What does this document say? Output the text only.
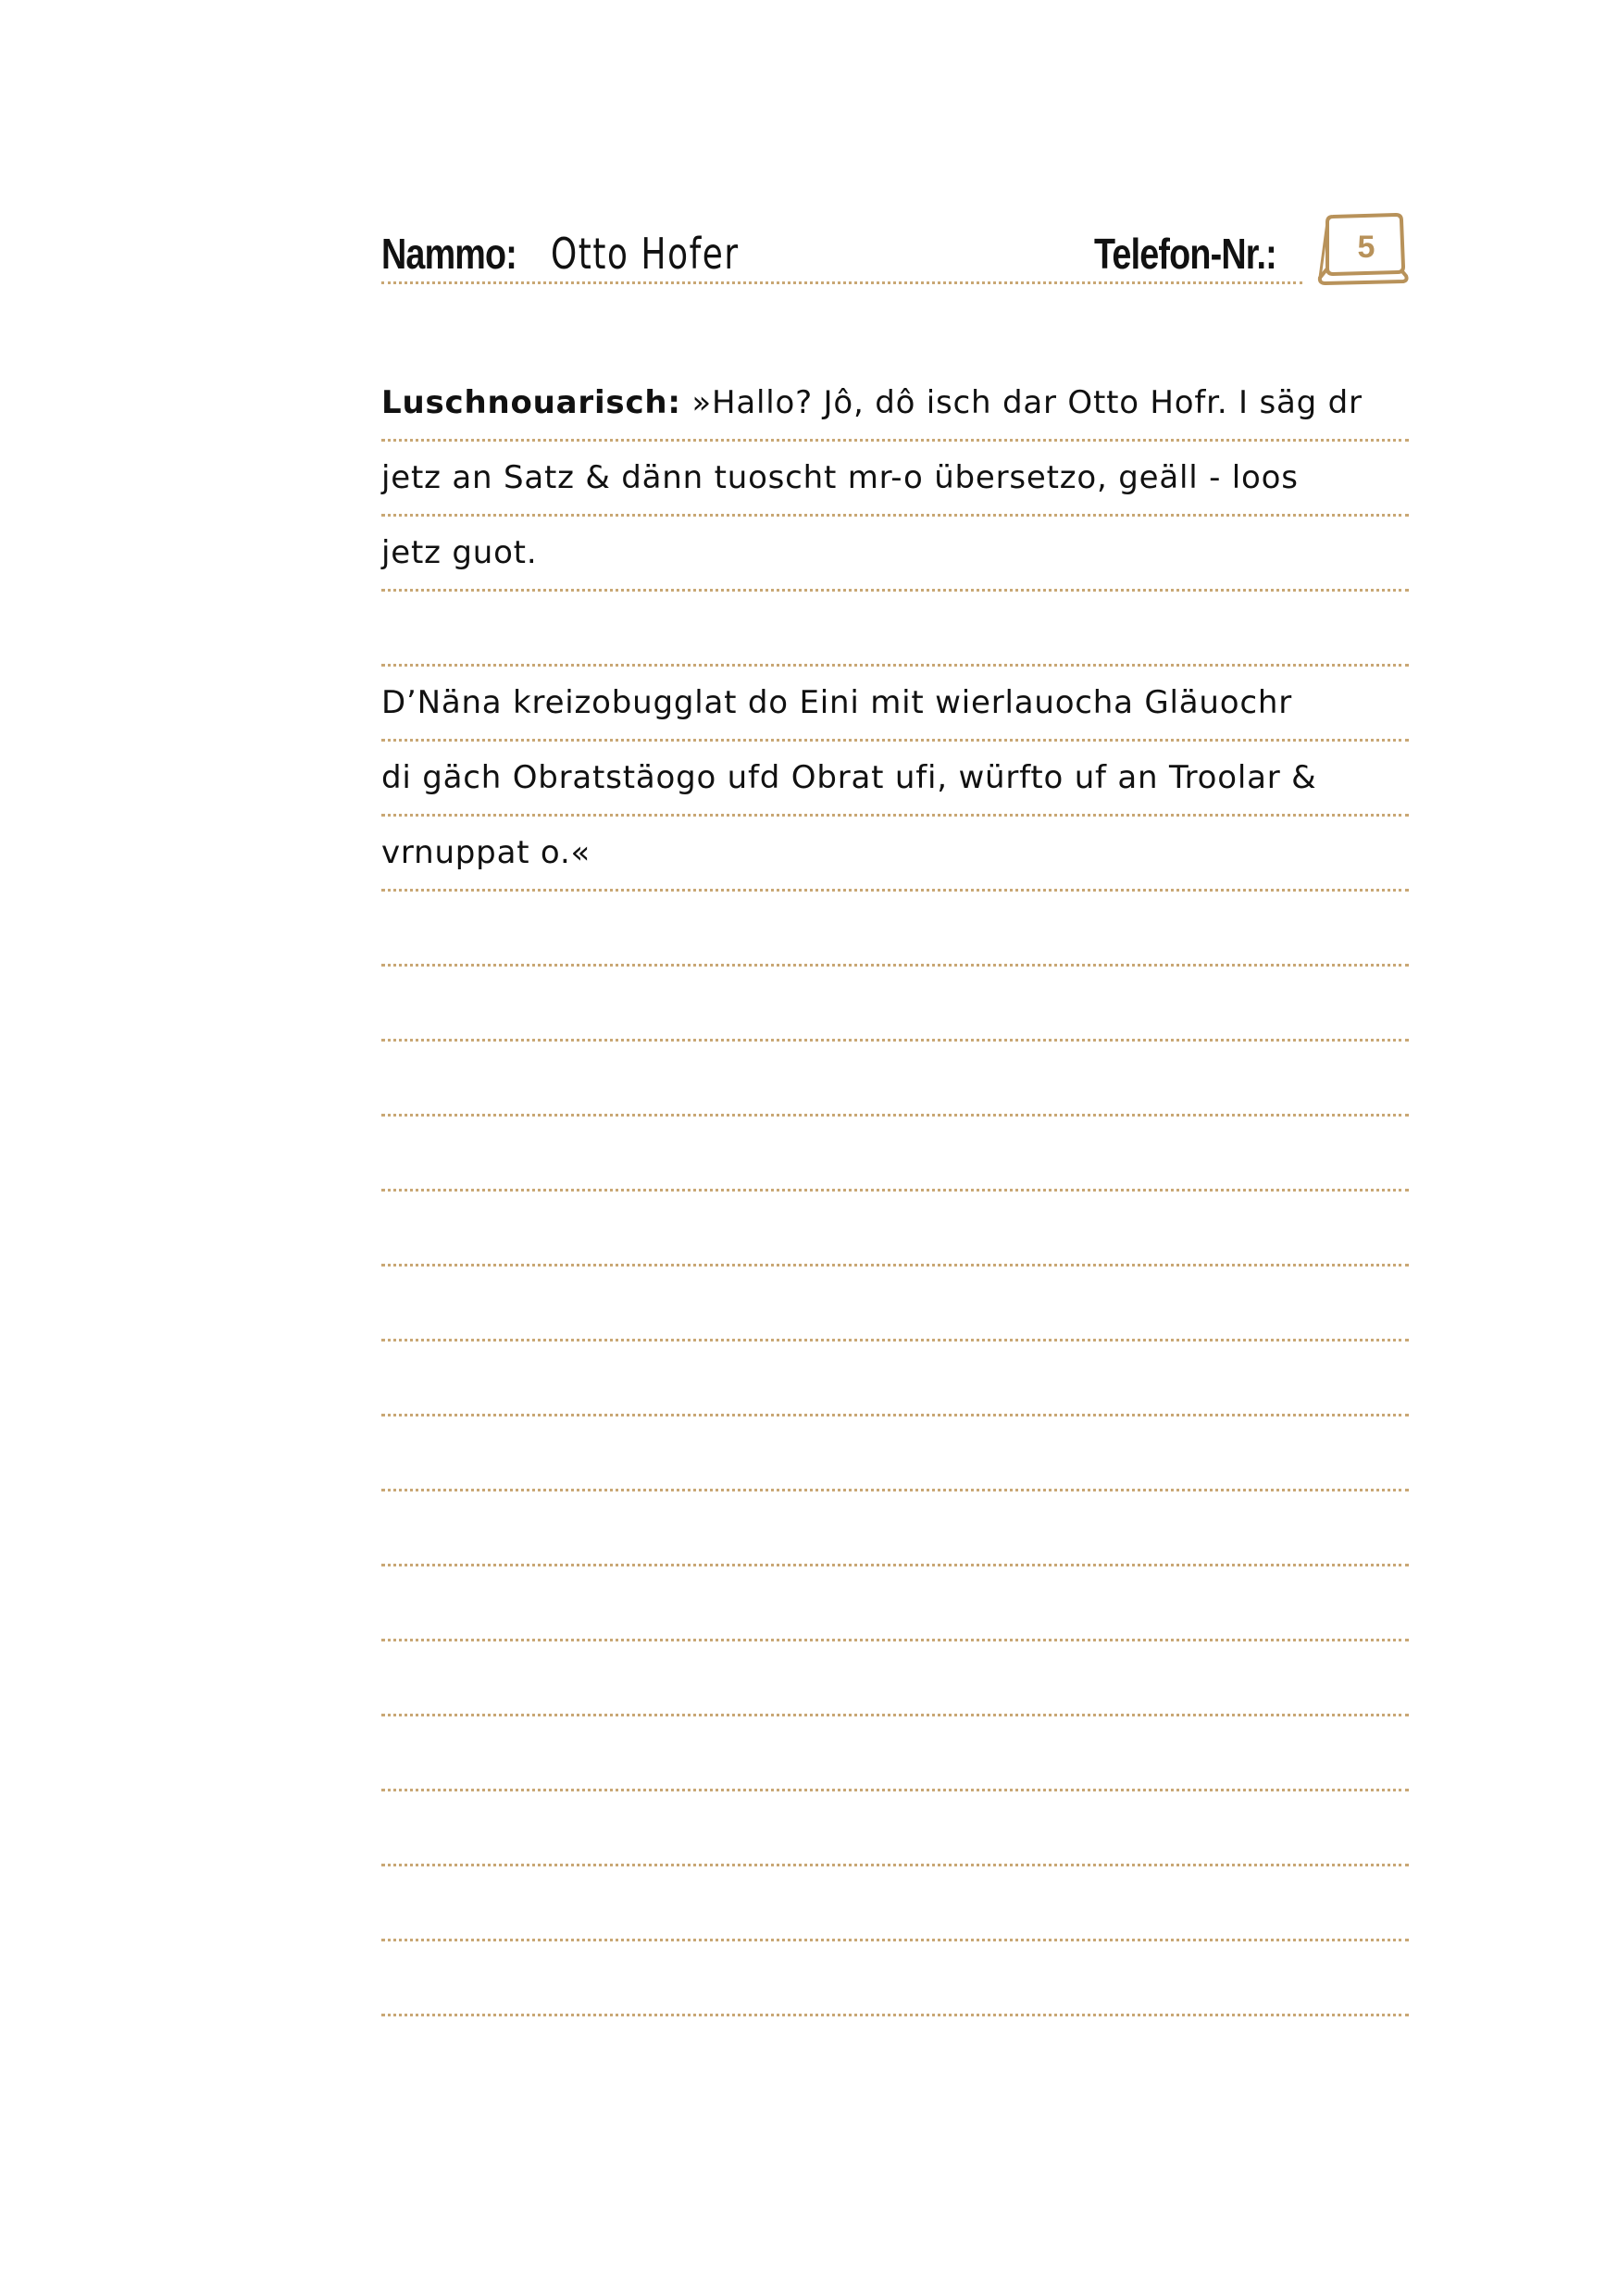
Nammo: Otto Hofer	Telefon-Nr.:	5
Luschnouarisch: »Hallo? Jô, dô isch dar Otto Hofr. I säg dr
jetz an Satz & dänn tuoscht mr-o übersetzo, geäll - loos
jetz guot.
D’Näna kreizobugglat do Eini mit wierlauocha Gläuochr
di gäch Obratstäogo ufd Obrat ufi, würfto uf an Troolar &
vrnuppat o.«
